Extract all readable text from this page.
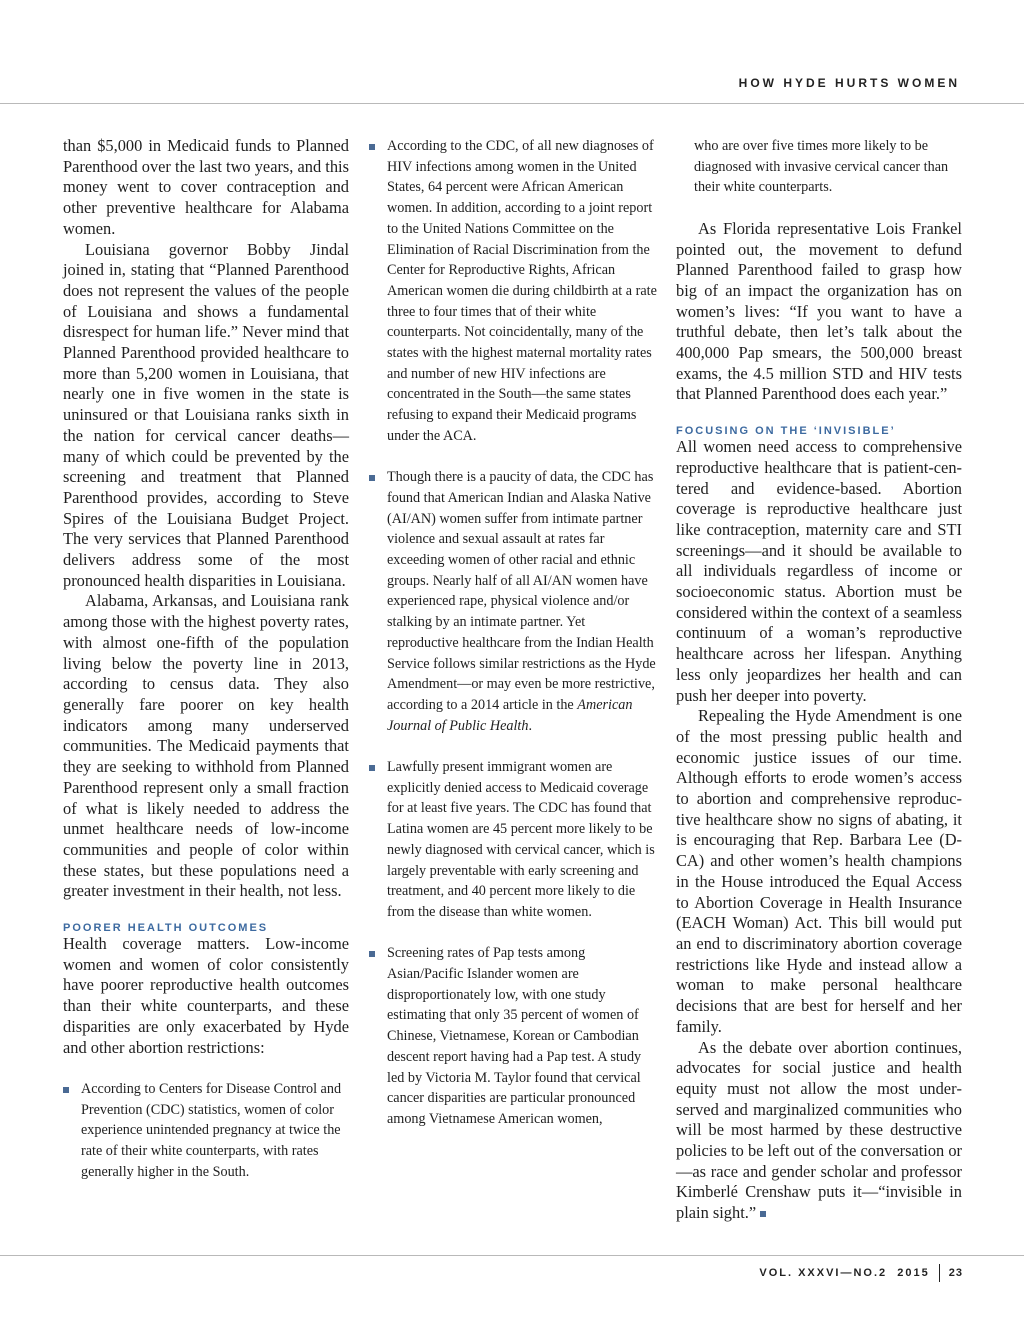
HOW HYDE HURTS WOMEN

than $5,000 in Medicaid funds to Planned Parenthood over the last two years, and this money went to cover contraception and other preventive healthcare for Alabama women.

Louisiana governor Bobby Jindal joined in, stating that “Planned Parenthood does not represent the values of the people of Louisiana and shows a fundamental disrespect for human life.” Never mind that Planned Parenthood provided healthcare to more than 5,200 women in Louisiana, that nearly one in five women in the state is uninsured or that Louisiana ranks sixth in the nation for cervical cancer deaths—many of which could be prevented by the screening and treatment that Planned Parenthood provides, according to Steve Spires of the Louisiana Budget Project. The very services that Planned Parenthood delivers address some of the most pronounced health disparities in Louisiana.

Alabama, Arkansas, and Louisiana rank among those with the highest poverty rates, with almost one-fifth of the population living below the poverty line in 2013, according to census data. They also generally fare poorer on key health indicators among many underserved communities. The Medicaid payments that they are seeking to withhold from Planned Parenthood represent only a small fraction of what is likely needed to address the unmet healthcare needs of low-income communities and people of color within these states, but these populations need a greater investment in their health, not less.

POORER HEALTH OUTCOMES

Health coverage matters. Low-income women and women of color consistently have poorer reproductive health outcomes than their white counterparts, and these disparities are only exacerbated by Hyde and other abortion restrictions:

According to Centers for Disease Control and Prevention (CDC) statistics, women of color experience unintended pregnancy at twice the rate of their white counterparts, with rates generally higher in the South.
According to the CDC, of all new diagnoses of HIV infections among women in the United States, 64 percent were African American women. In addition, according to a joint report to the United Nations Committee on the Elimination of Racial Discrimination from the Center for Reproductive Rights, African American women die during childbirth at a rate three to four times that of their white counterparts. Not coincidentally, many of the states with the highest maternal mortality rates and number of new HIV infections are concentrated in the South—the same states refusing to expand their Medicaid programs under the ACA.
Though there is a paucity of data, the CDC has found that American Indian and Alaska Native (AI/AN) women suffer from intimate partner violence and sexual assault at rates far exceeding women of other racial and ethnic groups. Nearly half of all AI/AN women have experienced rape, physical violence and/or stalking by an intimate partner. Yet reproductive healthcare from the Indian Health Service follows similar restrictions as the Hyde Amendment—or may even be more restrictive, according to a 2014 article in the American Journal of Public Health.
Lawfully present immigrant women are explicitly denied access to Medicaid coverage for at least five years. The CDC has found that Latina women are 45 percent more likely to be newly diagnosed with cervical cancer, which is largely preventable with early screening and treatment, and 40 percent more likely to die from the disease than white women.
Screening rates of Pap tests among Asian/Pacific Islander women are disproportionately low, with one study estimating that only 35 percent of women of Chinese, Vietnamese, Korean or Cambodian descent report having had a Pap test. A study led by Victoria M. Taylor found that cervical cancer disparities are particular pronounced among Vietnamese American women,
who are over five times more likely to be diagnosed with invasive cervical cancer than their white counterparts.

As Florida representative Lois Frankel pointed out, the movement to defund Planned Parenthood failed to grasp how big of an impact the organization has on women’s lives: “If you want to have a truthful debate, then let’s talk about the 400,000 Pap smears, the 500,000 breast exams, the 4.5 million STD and HIV tests that Planned Parenthood does each year.”

FOCUSING ON THE ‘INVISIBLE’

All women need access to comprehensive reproductive healthcare that is patient-centered and evidence-based. Abortion coverage is reproductive healthcare just like contraception, maternity care and STI screenings—and it should be available to all individuals regardless of income or socioeconomic status. Abortion must be considered within the context of a seamless continuum of a woman’s reproductive healthcare across her lifespan. Anything less only jeopardizes her health and can push her deeper into poverty.

Repealing the Hyde Amendment is one of the most pressing public health and economic justice issues of our time. Although efforts to erode women’s access to abortion and comprehensive reproductive healthcare show no signs of abating, it is encouraging that Rep. Barbara Lee (D-CA) and other women’s health champions in the House introduced the Equal Access to Abortion Coverage in Health Insurance (EACH Woman) Act. This bill would put an end to discriminatory abortion coverage restrictions like Hyde and instead allow a woman to make personal healthcare decisions that are best for herself and her family.

As the debate over abortion continues, advocates for social justice and health equity must not allow the most underserved and marginalized communities who will be most harmed by these destructive policies to be left out of the conversation or—as race and gender scholar and professor Kimberlé Crenshaw puts it—“invisible in plain sight.”

VOL. XXXVI—NO.2  2015 23
